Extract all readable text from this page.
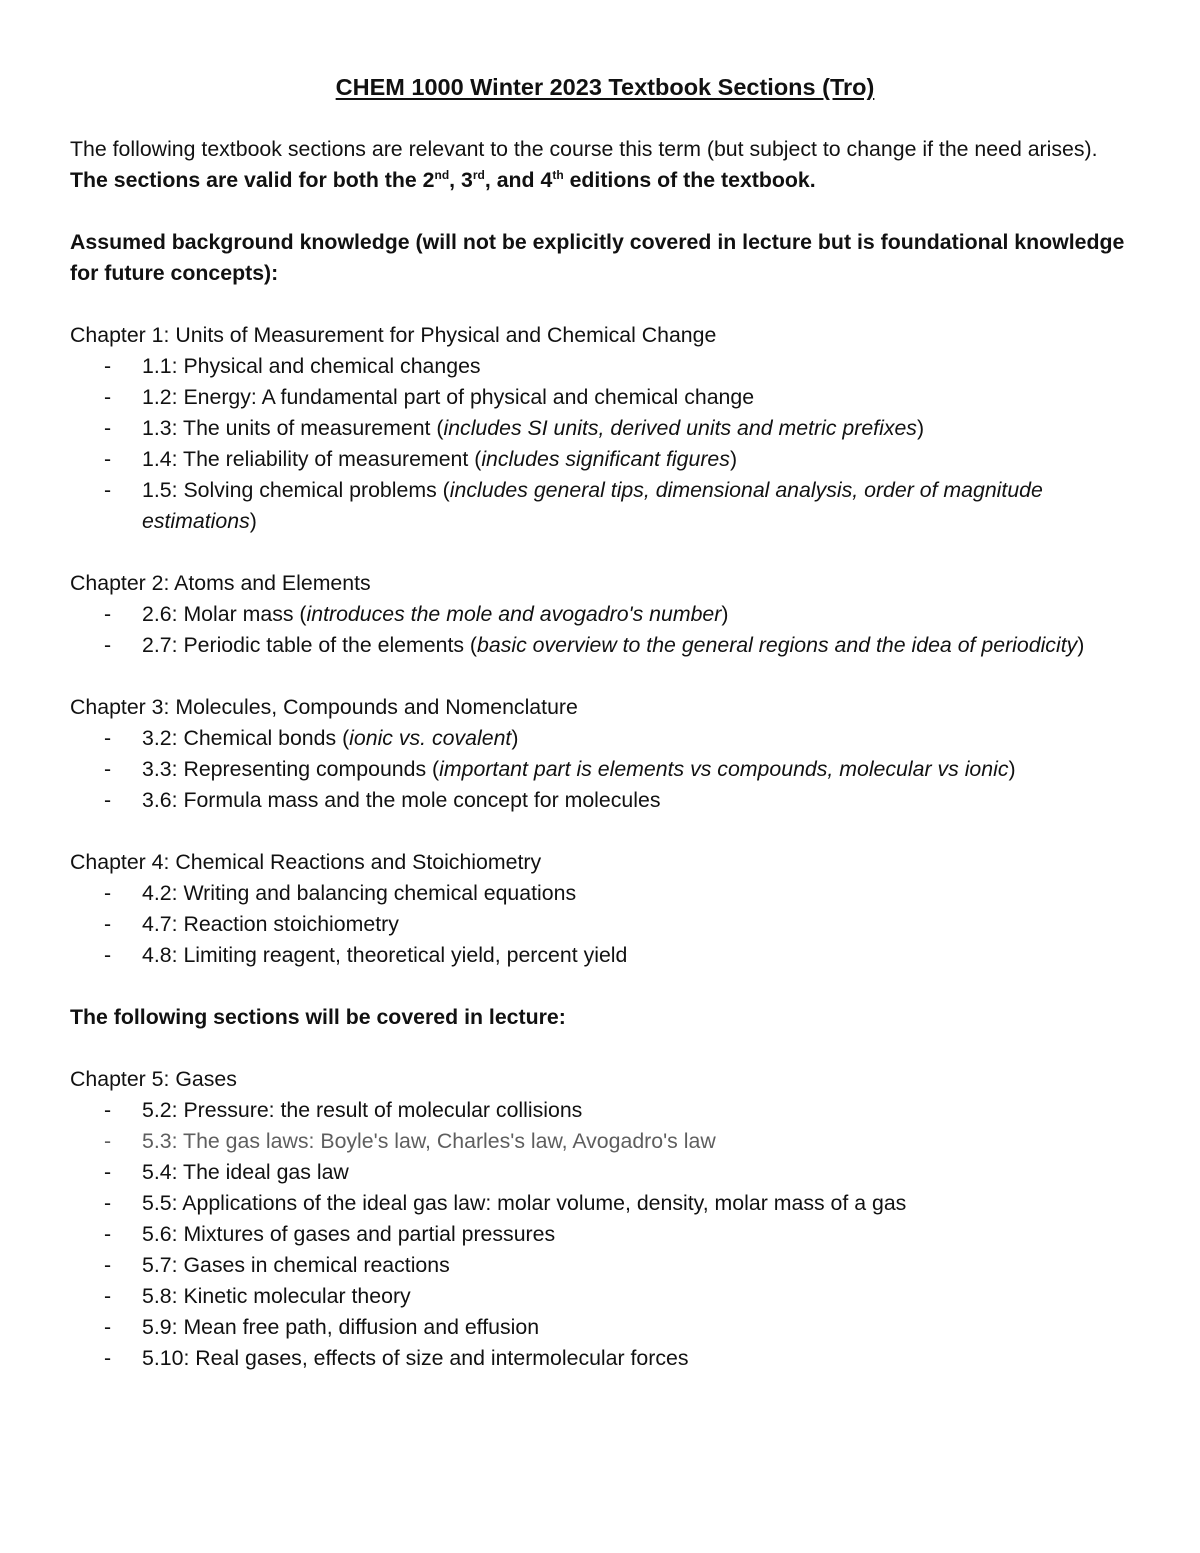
CHEM 1000 Winter 2023 Textbook Sections (Tro)

The following textbook sections are relevant to the course this term (but subject to change if the need arises). The sections are valid for both the 2nd, 3rd, and 4th editions of the textbook.

Assumed background knowledge (will not be explicitly covered in lecture but is foundational knowledge for future concepts):

Chapter 1: Units of Measurement for Physical and Chemical Change

- 1.1: Physical and chemical changes
- 1.2: Energy: A fundamental part of physical and chemical change
- 1.3: The units of measurement (includes SI units, derived units and metric prefixes)
- 1.4: The reliability of measurement (includes significant figures)
- 1.5: Solving chemical problems (includes general tips, dimensional analysis, order of magnitude estimations)

Chapter 2: Atoms and Elements

- 2.6: Molar mass (introduces the mole and avogadro's number)
- 2.7: Periodic table of the elements (basic overview to the general regions and the idea of periodicity)

Chapter 3: Molecules, Compounds and Nomenclature

- 3.2: Chemical bonds (ionic vs. covalent)
- 3.3: Representing compounds (important part is elements vs compounds, molecular vs ionic)
- 3.6: Formula mass and the mole concept for molecules

Chapter 4: Chemical Reactions and Stoichiometry

- 4.2: Writing and balancing chemical equations
- 4.7: Reaction stoichiometry
- 4.8: Limiting reagent, theoretical yield, percent yield

The following sections will be covered in lecture:

Chapter 5: Gases

- 5.2: Pressure: the result of molecular collisions
- 5.3: The gas laws: Boyle's law, Charles's law, Avogadro's law
- 5.4: The ideal gas law
- 5.5: Applications of the ideal gas law: molar volume, density, molar mass of a gas
- 5.6: Mixtures of gases and partial pressures
- 5.7: Gases in chemical reactions
- 5.8: Kinetic molecular theory
- 5.9: Mean free path, diffusion and effusion
- 5.10: Real gases, effects of size and intermolecular forces
